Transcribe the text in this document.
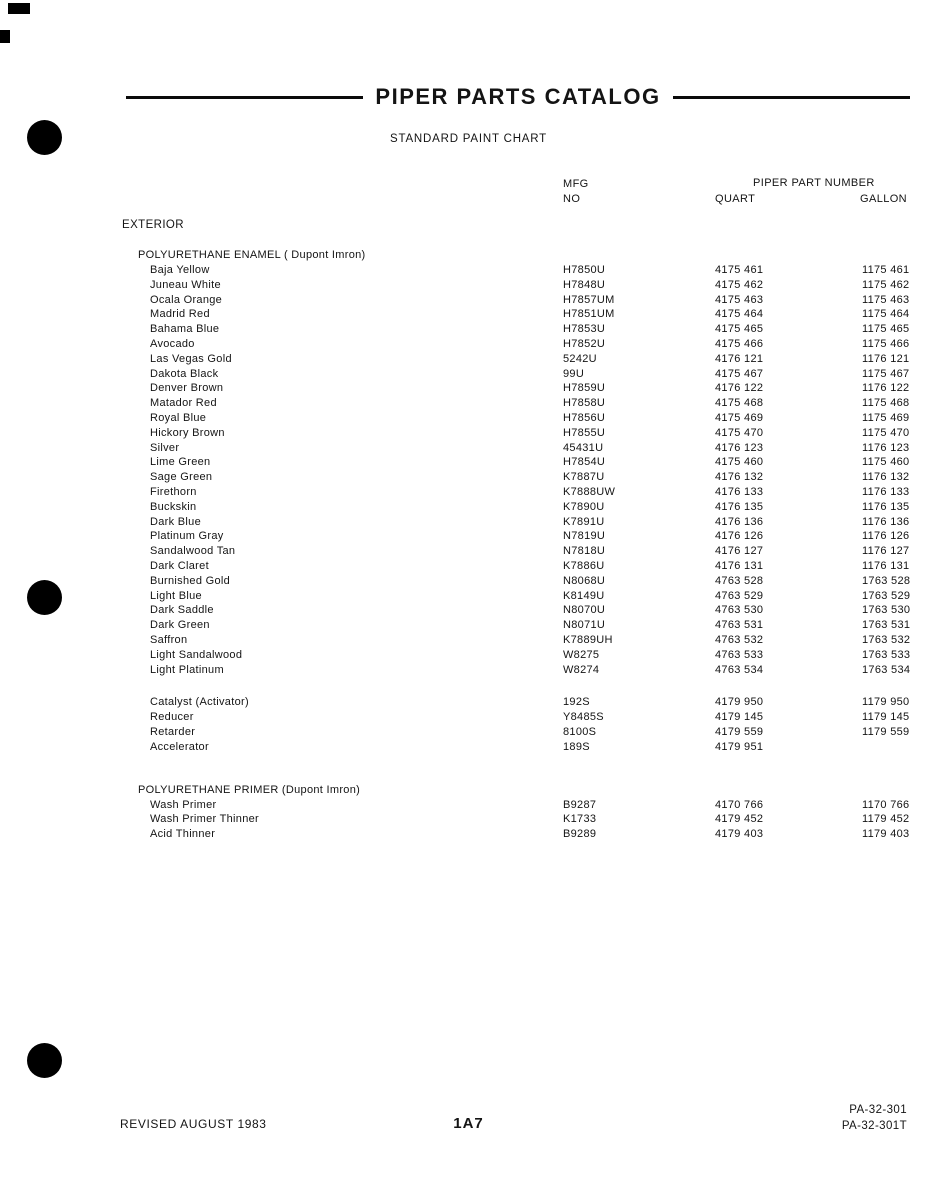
PIPER PARTS CATALOG
STANDARD PAINT CHART
MFG
NO
PIPER PART NUMBER
QUART	GALLON
EXTERIOR
POLYURETHANE ENAMEL ( Dupont Imron)
Baja Yellow	H7850U	4175 461	1175 461
Juneau White	H7848U	4175 462	1175 462
Ocala Orange	H7857UM	4175 463	1175 463
Madrid Red	H7851UM	4175 464	1175 464
Bahama Blue	H7853U	4175 465	1175 465
Avocado	H7852U	4175 466	1175 466
Las Vegas Gold	5242U	4176 121	1176 121
Dakota Black	99U	4175 467	1175 467
Denver Brown	H7859U	4176 122	1176 122
Matador Red	H7858U	4175 468	1175 468
Royal Blue	H7856U	4175 469	1175 469
Hickory Brown	H7855U	4175 470	1175 470
Silver	45431U	4176 123	1176 123
Lime Green	H7854U	4175 460	1175 460
Sage Green	K7887U	4176 132	1176 132
Firethorn	K7888UW	4176 133	1176 133
Buckskin	K7890U	4176 135	1176 135
Dark Blue	K7891U	4176 136	1176 136
Platinum Gray	N7819U	4176 126	1176 126
Sandalwood Tan	N7818U	4176 127	1176 127
Dark Claret	K7886U	4176 131	1176 131
Burnished Gold	N8068U	4763 528	1763 528
Light Blue	K8149U	4763 529	1763 529
Dark Saddle	N8070U	4763 530	1763 530
Dark Green	N8071U	4763 531	1763 531
Saffron	K7889UH	4763 532	1763 532
Light Sandalwood	W8275	4763 533	1763 533
Light Platinum	W8274	4763 534	1763 534
Catalyst (Activator)	192S	4179 950	1179 950
Reducer	Y8485S	4179 145	1179 145
Retarder	8100S	4179 559	1179 559
Accelerator	189S	4179 951
POLYURETHANE PRIMER (Dupont Imron)
Wash Primer	B9287	4170 766	1170 766
Wash Primer Thinner	K1733	4179 452	1179 452
Acid Thinner	B9289	4179 403	1179 403
REVISED AUGUST 1983	1A7
PA-32-301
PA-32-301T
